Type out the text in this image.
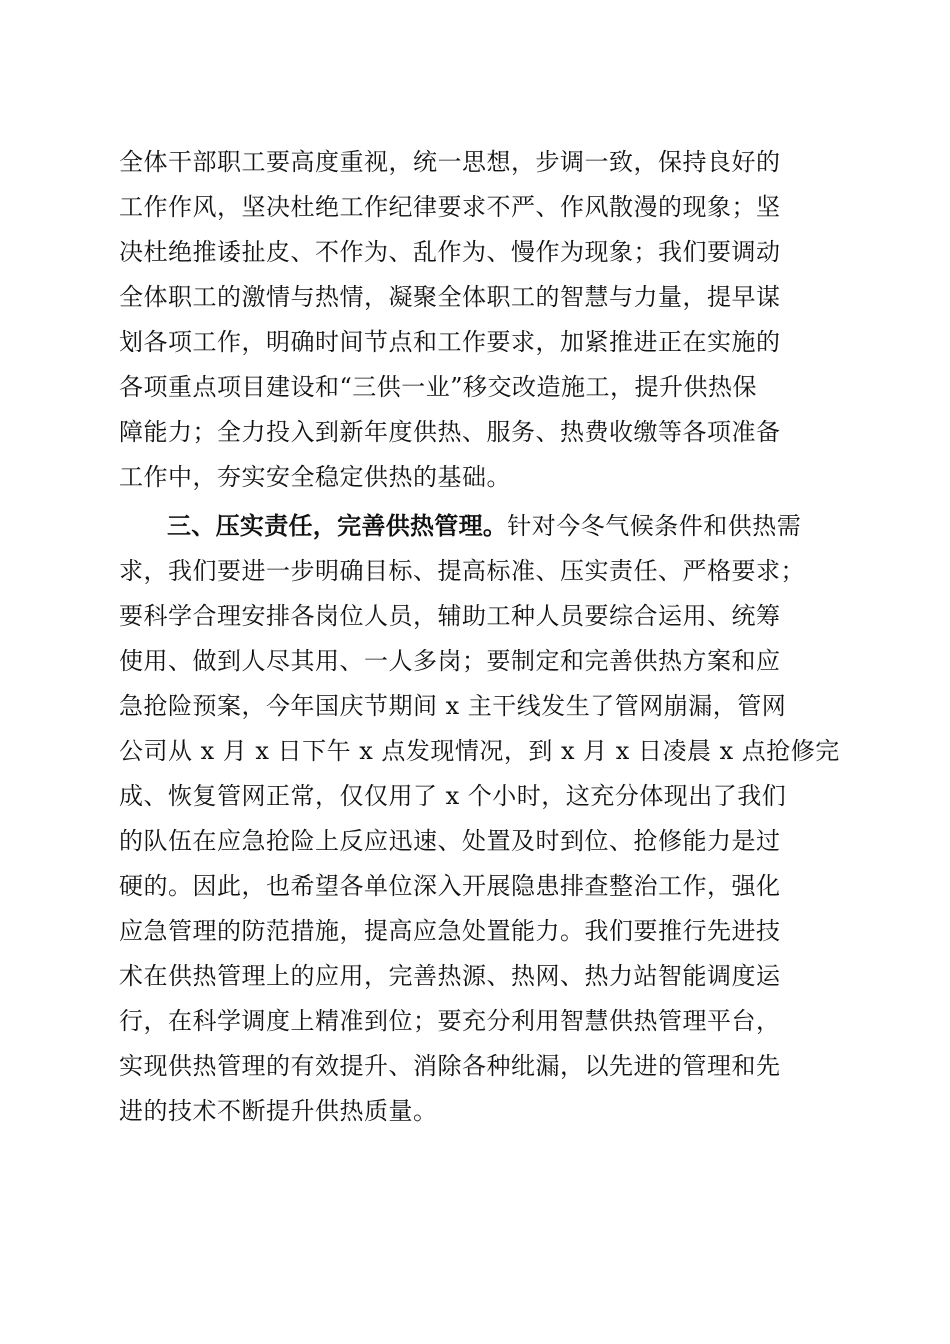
全体干部职工要高度重视，统一思想，步调一致，保持良好的
工作作风，坚决杜绝工作纪律要求不严、作风散漫的现象；坚
决杜绝推诿扯皮、不作为、乱作为、慢作为现象；我们要调动
全体职工的激情与热情，凝聚全体职工的智慧与力量，提早谋
划各项工作，明确时间节点和工作要求，加紧推进正在实施的
各项重点项目建设和“三供一业”移交改造施工，提升供热保
障能力；全力投入到新年度供热、服务、热费收缴等各项准备
工作中，夯实安全稳定供热的基础。
三、压实责任，完善供热管理。针对今冬气候条件和供热需
求，我们要进一步明确目标、提高标准、压实责任、严格要求；
要科学合理安排各岗位人员，辅助工种人员要综合运用、统筹
使用、做到人尽其用、一人多岗；要制定和完善供热方案和应
急抢险预案，今年国庆节期间 x 主干线发生了管网崩漏，管网
公司从 x 月 x 日下午 x 点发现情况，到 x 月 x 日凌晨 x 点抢修完
成、恢复管网正常，仅仅用了 x 个小时，这充分体现出了我们
的队伍在应急抢险上反应迅速、处置及时到位、抢修能力是过
硬的。因此，也希望各单位深入开展隐患排查整治工作，强化
应急管理的防范措施，提高应急处置能力。我们要推行先进技
术在供热管理上的应用，完善热源、热网、热力站智能调度运
行，在科学调度上精准到位；要充分利用智慧供热管理平台，
实现供热管理的有效提升、消除各种纰漏，以先进的管理和先
进的技术不断提升供热质量。
